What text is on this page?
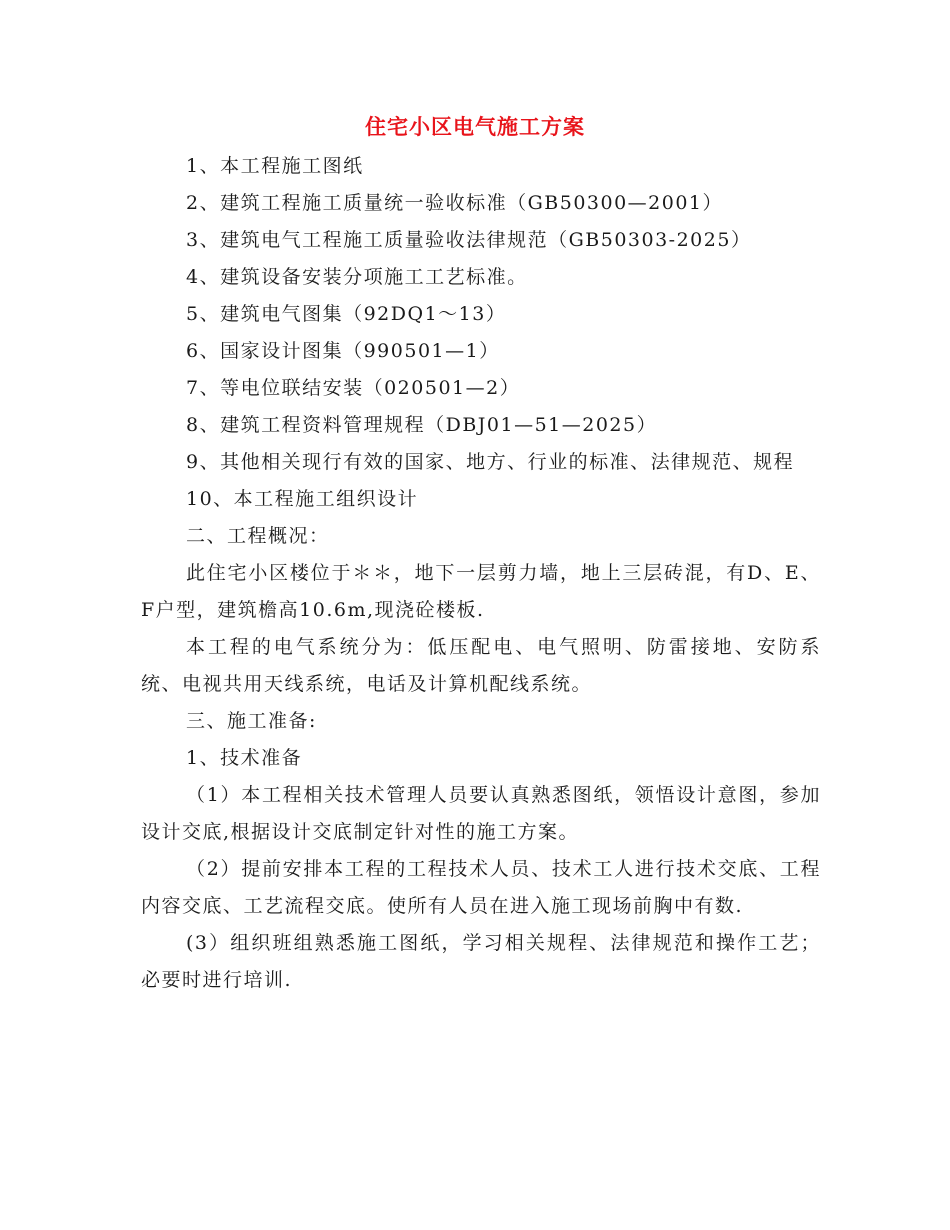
住宅小区电气施工方案

1、本工程施工图纸

2、建筑工程施工质量统一验收标准（GB50300—2001）

3、建筑电气工程施工质量验收法律规范（GB50303-2025）

4、建筑设备安装分项施工工艺标准。

5、建筑电气图集（92DQ1～13）

6、国家设计图集（990501—1）

7、等电位联结安装（020501—2）

8、建筑工程资料管理规程（DBJ01—51—2025）

9、其他相关现行有效的国家、地方、行业的标准、法律规范、规程

10、本工程施工组织设计

二、工程概况：

此住宅小区楼位于＊＊，地下一层剪力墙，地上三层砖混，有D、E、F户型，建筑檐高10.6m,现浇砼楼板.

本工程的电气系统分为：低压配电、电气照明、防雷接地、安防系统、电视共用天线系统，电话及计算机配线系统。

三、施工准备:

1、技术准备

（1）本工程相关技术管理人员要认真熟悉图纸，领悟设计意图，参加设计交底,根据设计交底制定针对性的施工方案。

（2）提前安排本工程的工程技术人员、技术工人进行技术交底、工程内容交底、工艺流程交底。使所有人员在进入施工现场前胸中有数.

(3）组织班组熟悉施工图纸，学习相关规程、法律规范和操作工艺；必要时进行培训.
